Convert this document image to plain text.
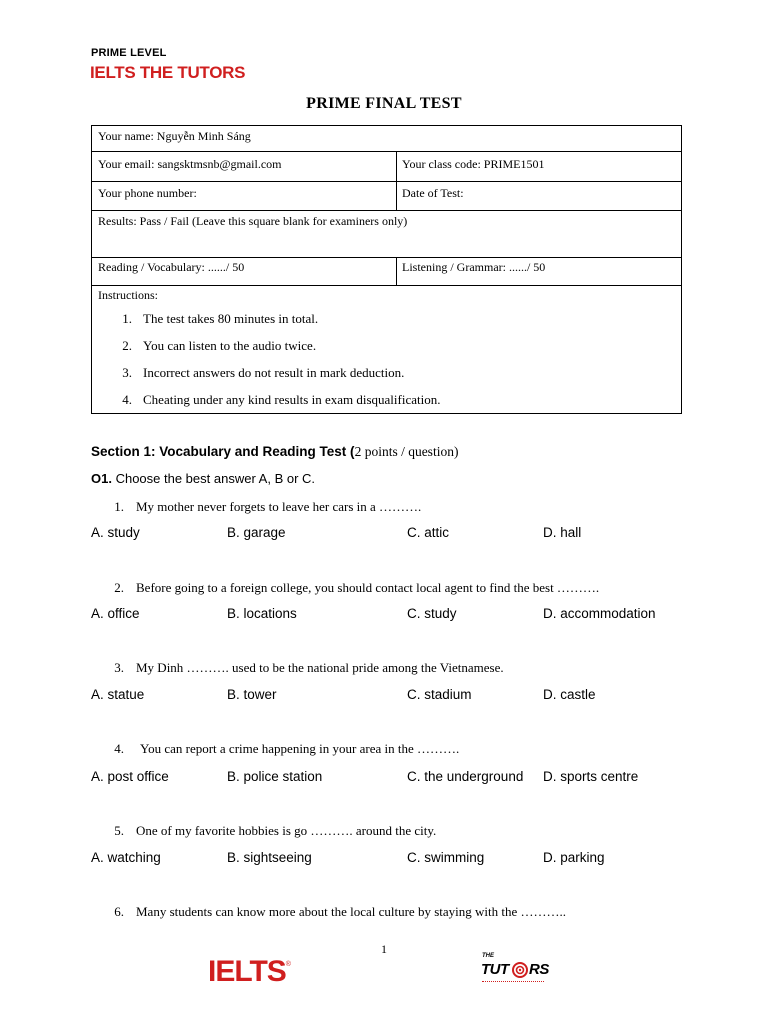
PRIME LEVEL
IELTS THE TUTORS
PRIME FINAL TEST
Your name: Nguyễn Minh Sáng
Your email: sangsktmsnb@gmail.com	Your class code: PRIME1501
Your phone number:	Date of Test:
Results: Pass / Fail (Leave this square blank for examiners only)
Reading / Vocabulary: ....../ 50	Listening / Grammar: ....../ 50
Instructions:
1. The test takes 80 minutes in total.
2. You can listen to the audio twice.
3. Incorrect answers do not result in mark deduction.
4. Cheating under any kind results in exam disqualification.
Section 1: Vocabulary and Reading Test (2 points / question)
O1. Choose the best answer A, B or C.
1. My mother never forgets to leave her cars in a ……….
A. study	B. garage	C. attic	D. hall
2. Before going to a foreign college, you should contact local agent to find the best ……….
A. office	B. locations	C. study	D. accommodation
3. My Dinh ………. used to be the national pride among the Vietnamese.
A. statue	B. tower	C. stadium	D. castle
4. You can report a crime happening in your area in the ……….
A. post office	B. police station	C. the underground D. sports centre
5. One of my favorite hobbies is go ………. around the city.
A. watching	B. sightseeing	C. swimming	D. parking
6. Many students can know more about the local culture by staying with the ………..
1
IELTS®
THE
TUT RS
